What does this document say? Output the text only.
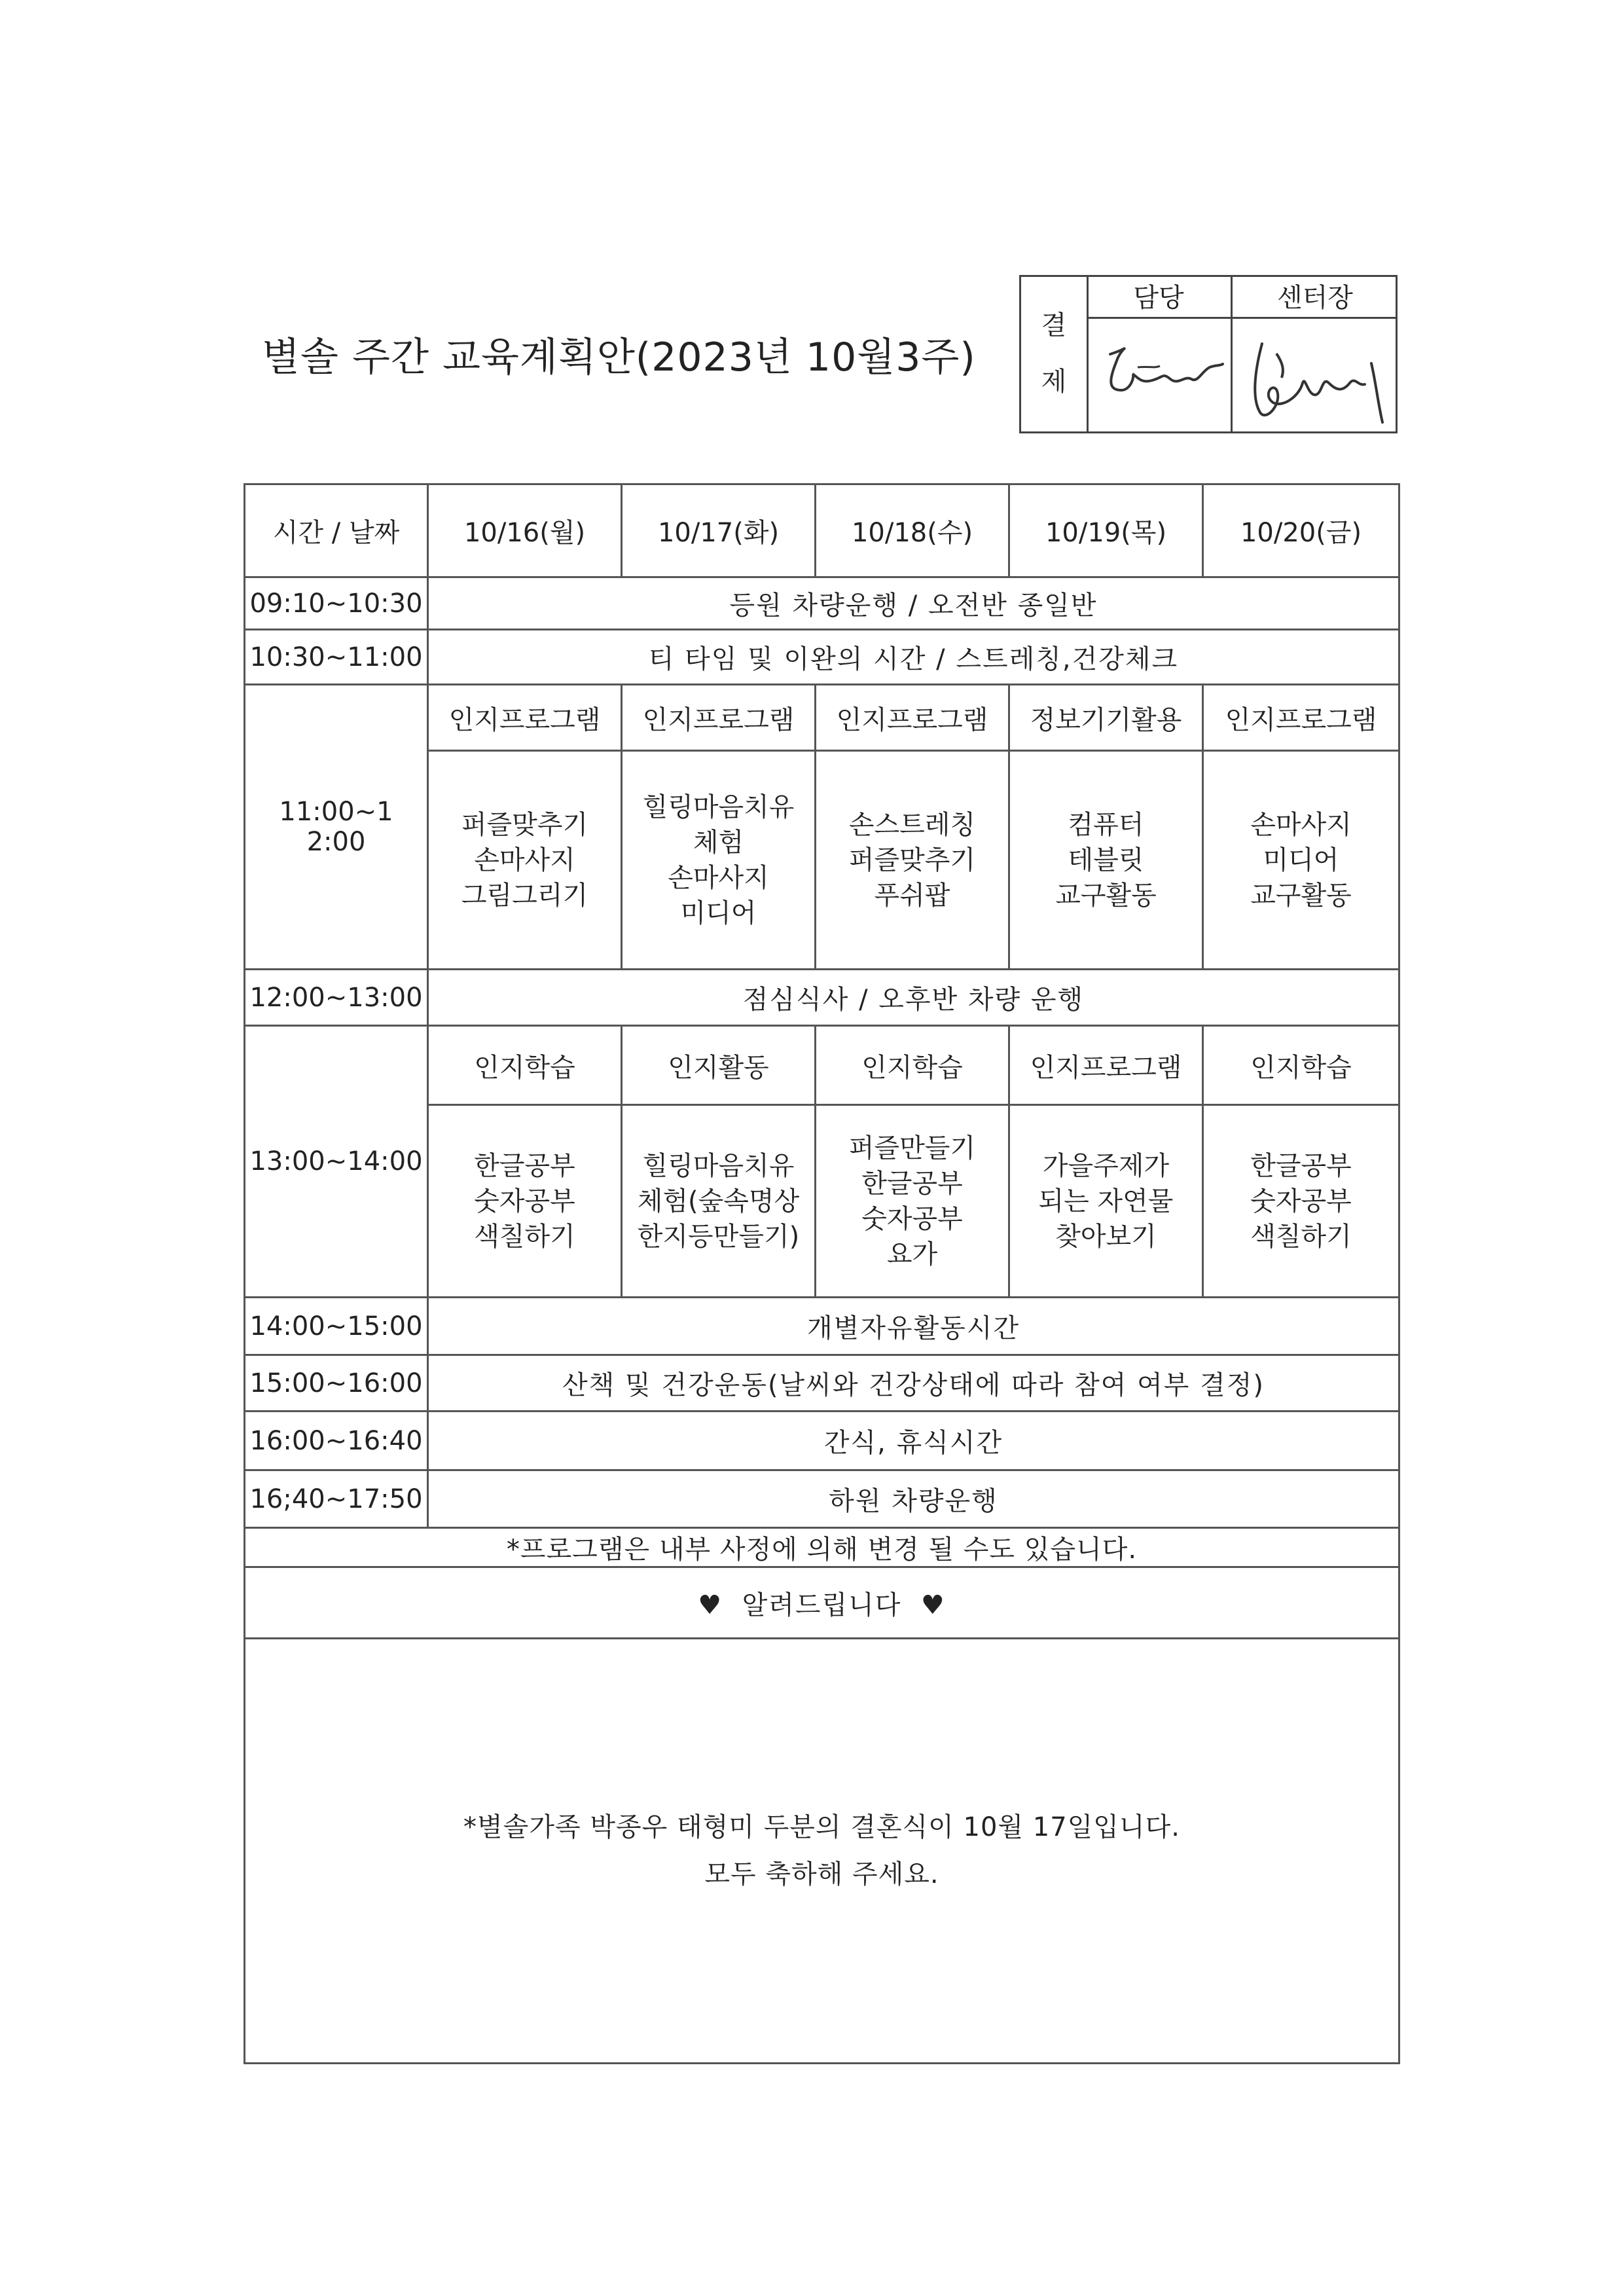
별솔 주간 교육계획안(2023년 10월3주)
결
제
담당	센터장
시간 / 날짜	10/16(월)	10/17(화)	10/18(수)	10/19(목)	10/20(금)
09:10~10:30	등원 차량운행 / 오전반 종일반				
10:30~11:00	티 타임 및 이완의 시간 / 스트레칭,건강체크				
11:00~1
2:00	인지프로그램	인지프로그램	인지프로그램	정보기기활용	인지프로그램
	퍼즐맞추기
손마사지
그림그리기	힐링마음치유
체험
손마사지
미디어	손스트레칭
퍼즐맞추기
푸쉬팝	컴퓨터
테블릿
교구활동	손마사지
미디어
교구활동
12:00~13:00	점심식사 / 오후반 차량 운행				
13:00~14:00	인지학습	인지활동	인지학습	인지프로그램	인지학습
	한글공부
숫자공부
색칠하기	힐링마음치유
체험(숲속명상
한지등만들기)	퍼즐만들기
한글공부
숫자공부
요가	가을주제가
되는 자연물
찾아보기	한글공부
숫자공부
색칠하기
14:00~15:00	개별자유활동시간				
15:00~16:00	산책 및 건강운동(날씨와 건강상태에 따라 참여 여부 결정)				
16:00~16:40	간식, 휴식시간				
16;40~17:50	하원 차량운행				
*프로그램은 내부 사정에 의해 변경 될 수도 있습니다.					
♥ 알려드립니다 ♥					
*별솔가족 박종우 태형미 두분의 결혼식이 10월 17일입니다.
모두 축하해 주세요.					
